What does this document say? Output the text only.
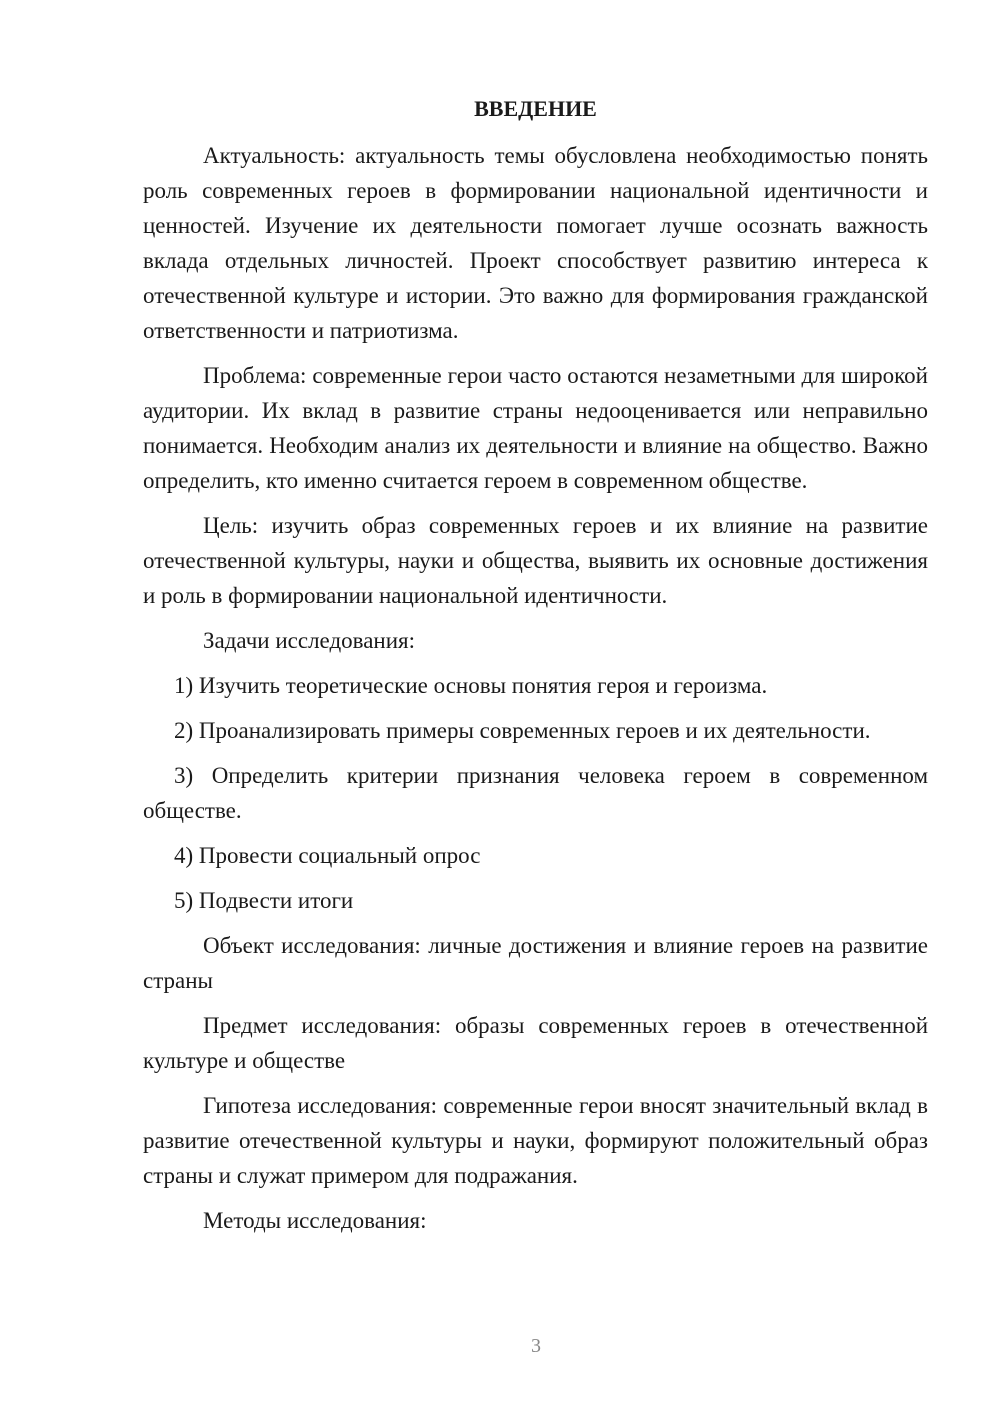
ВВЕДЕНИЕ

Актуальность: актуальность темы обусловлена необходимостью понять роль современных героев в формировании национальной идентичности и ценностей. Изучение их деятельности помогает лучше осознать важность вклада отдельных личностей. Проект способствует развитию интереса к отечественной культуре и истории. Это важно для формирования гражданской ответственности и патриотизма.

Проблема: современные герои часто остаются незаметными для широкой аудитории. Их вклад в развитие страны недооценивается или неправильно понимается. Необходим анализ их деятельности и влияние на общество. Важно определить, кто именно считается героем в современном обществе.

Цель: изучить образ современных героев и их влияние на развитие отечественной культуры, науки и общества, выявить их основные достижения и роль в формировании национальной идентичности.

Задачи исследования:

1) Изучить теоретические основы понятия героя и героизма.

2) Проанализировать примеры современных героев и их деятельности.

3) Определить критерии признания человека героем в современном обществе.

4) Провести социальный опрос

5) Подвести итоги

Объект исследования: личные достижения и влияние героев на развитие страны

Предмет исследования: образы современных героев в отечественной культуре и обществе

Гипотеза исследования: современные герои вносят значительный вклад в развитие отечественной культуры и науки, формируют положительный образ страны и служат примером для подражания.

Методы исследования:

3
